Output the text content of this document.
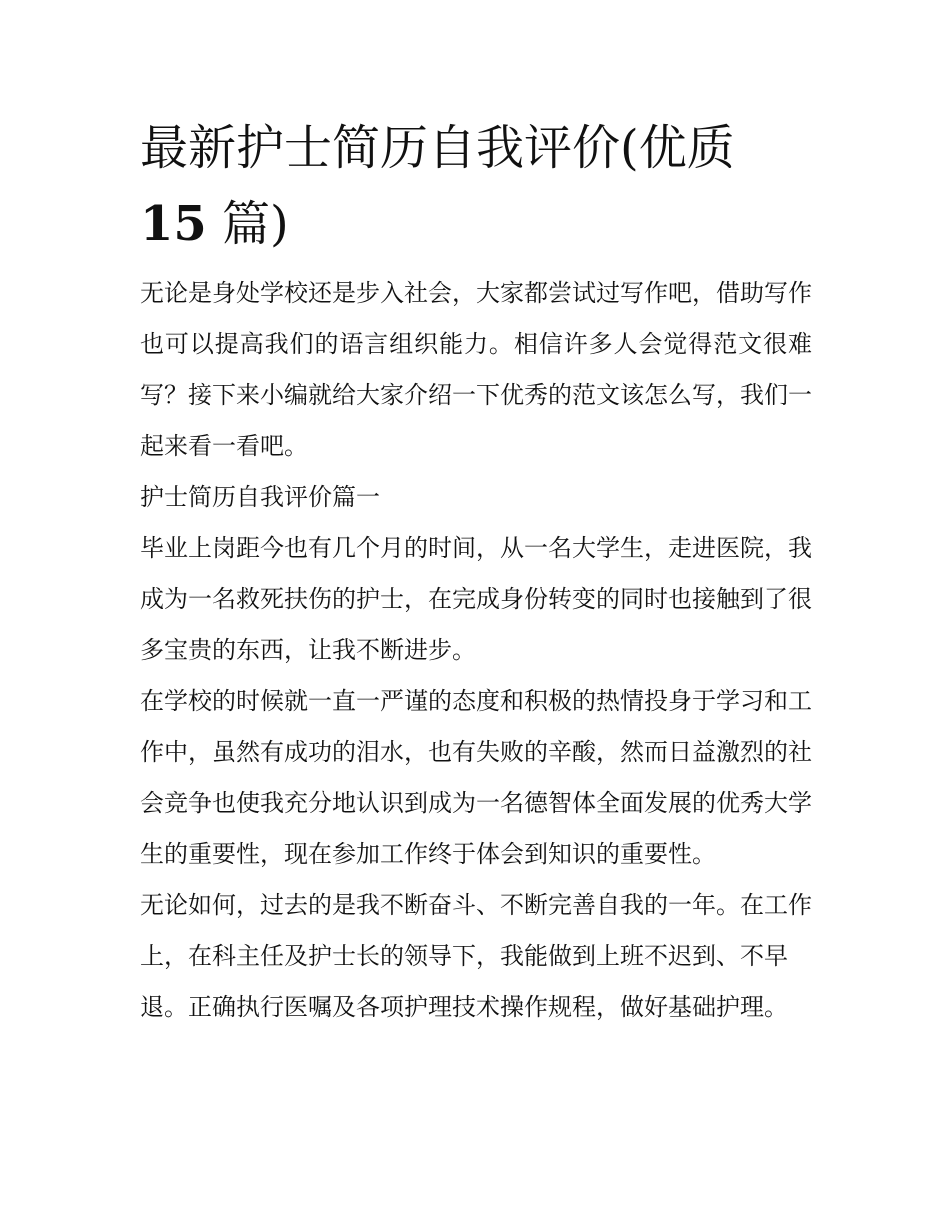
最新护士简历自我评价(优质
15 篇)

无论是身处学校还是步入社会，大家都尝试过写作吧，借助写作也可以提高我们的语言组织能力。相信许多人会觉得范文很难写？接下来小编就给大家介绍一下优秀的范文该怎么写，我们一起来看一看吧。

护士简历自我评价篇一

毕业上岗距今也有几个月的时间，从一名大学生，走进医院，我成为一名救死扶伤的护士，在完成身份转变的同时也接触到了很多宝贵的东西，让我不断进步。

在学校的时候就一直一严谨的态度和积极的热情投身于学习和工作中，虽然有成功的泪水，也有失败的辛酸，然而日益激烈的社会竞争也使我充分地认识到成为一名德智体全面发展的优秀大学生的重要性，现在参加工作终于体会到知识的重要性。

无论如何，过去的是我不断奋斗、不断完善自我的一年。在工作上，在科主任及护士长的领导下，我能做到上班不迟到、不早退。正确执行医嘱及各项护理技术操作规程，做好基础护理。
